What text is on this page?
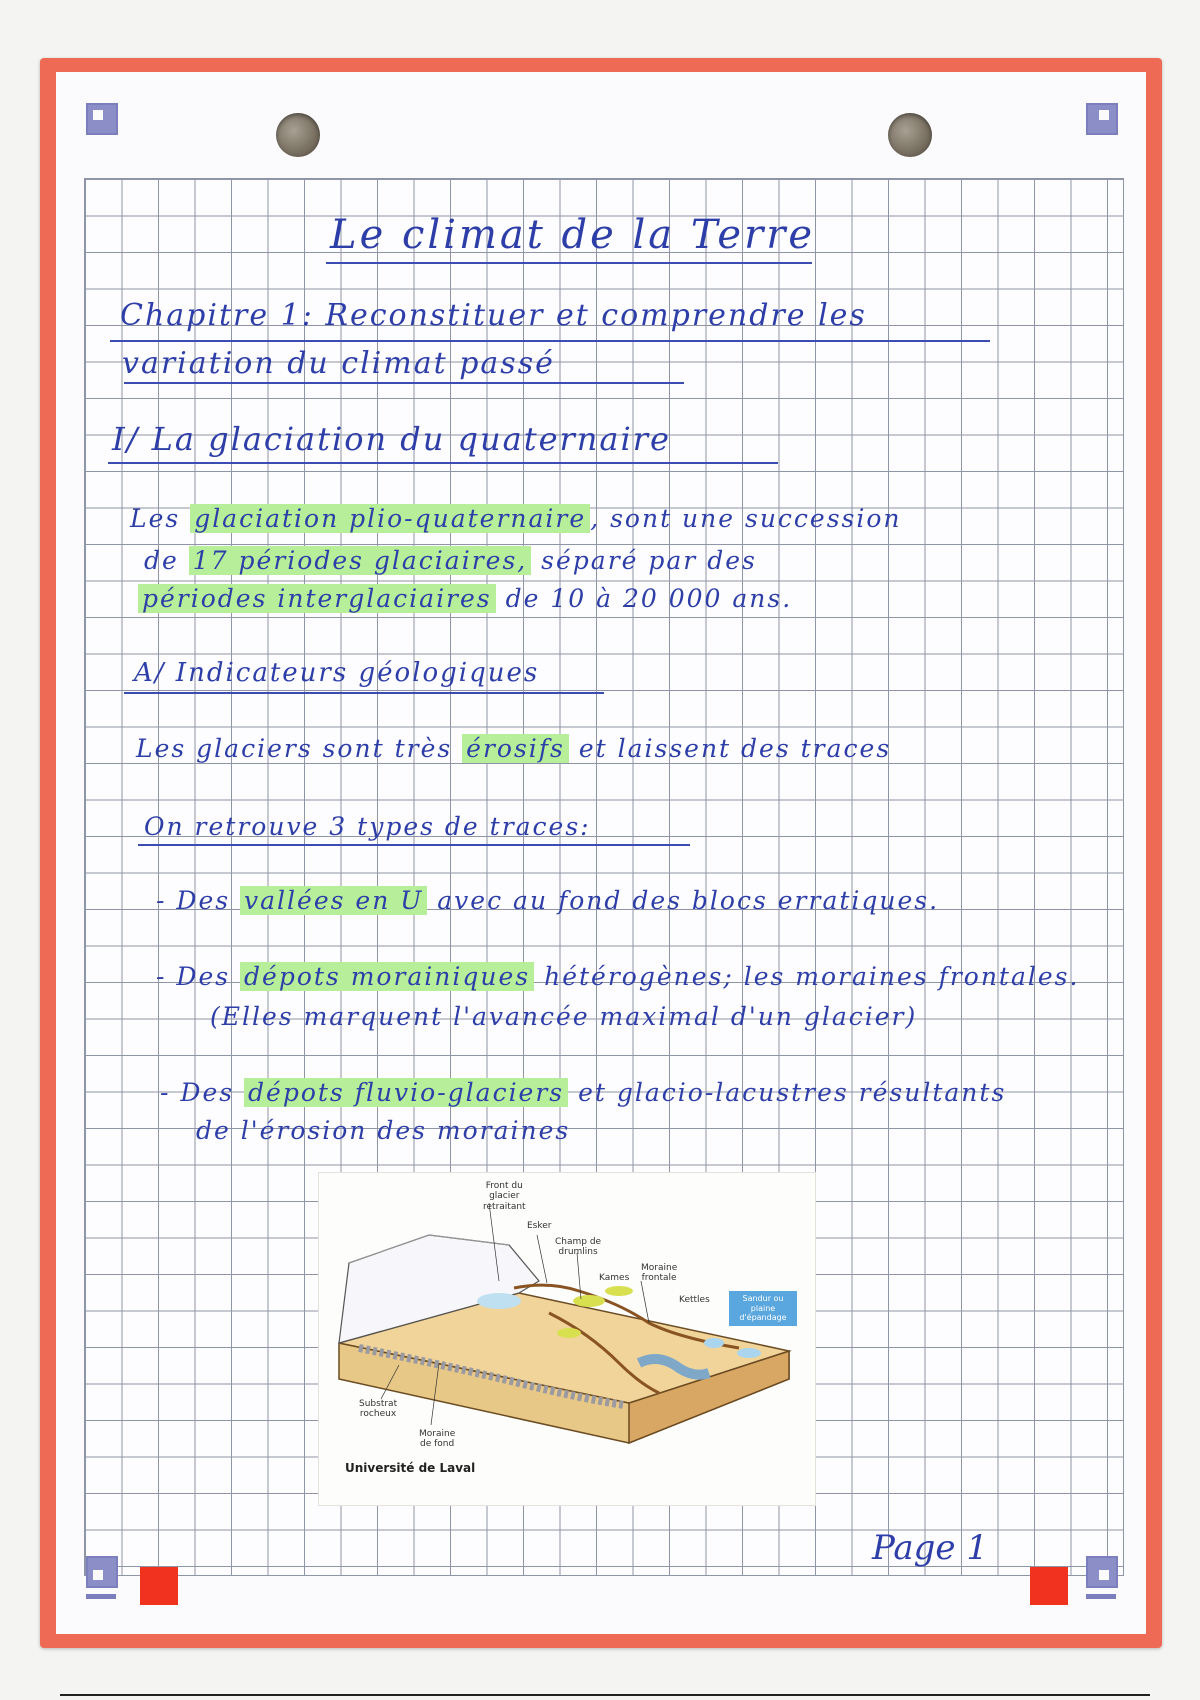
Le climat de la Terre
Chapitre 1: Reconstituer et comprendre les
variation du climat passé
I/ La glaciation du quaternaire
Les glaciation plio-quaternaire , sont une succession
de 17 périodes glaciaires, séparé par des
périodes interglaciaires de 10 à 20 000 ans.
A/ Indicateurs géologiques
Les glaciers sont très érosifs et laissent des traces
On retrouve 3 types de traces:
- Des vallées en U avec au fond des blocs erratiques.
- Des dépots morainiques hétérogènes; les moraines frontales.
(Elles marquent l'avancée maximal d'un glacier)
- Des dépots fluvio-glaciers et glacio-lacustres résultants
de l'érosion des moraines
Front du
glacier
retraitant
Esker
Champ de
drumlins
Moraine
frontale
Kames
Kettles	Sandur ou plaine d'épandage
Substrat
rocheux
Moraine
de fond
Université de Laval
Page 1
